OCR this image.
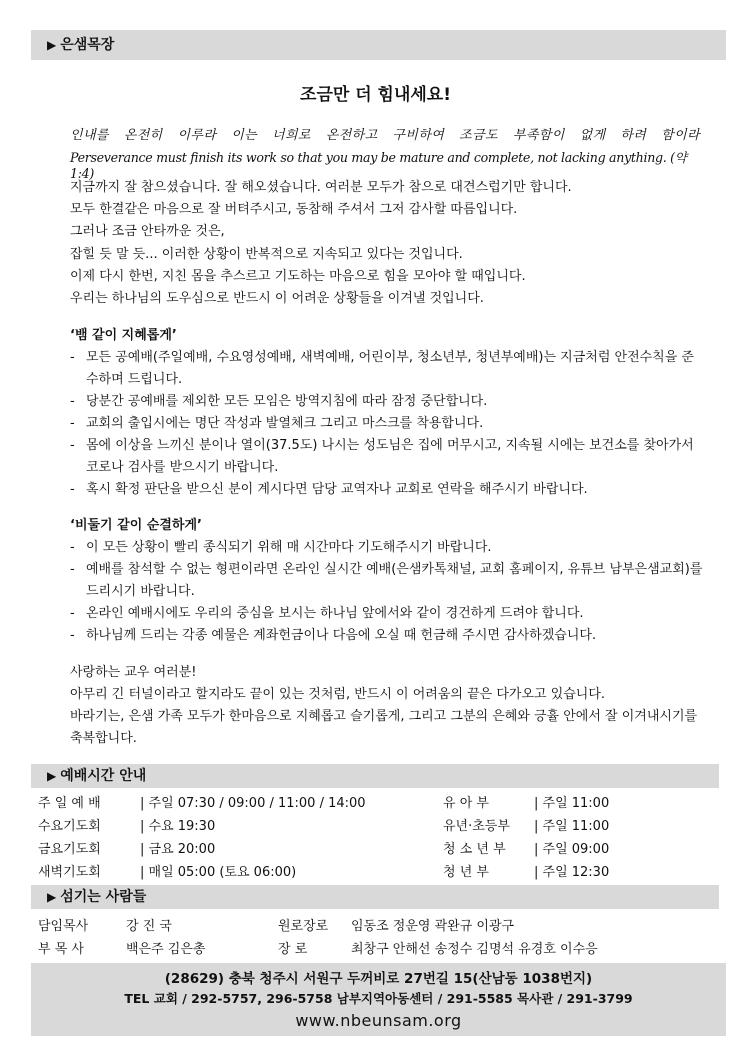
▶ 은샘목장
조금만 더 힘내세요!
인내를 온전히 이루라 이는 너희로 온전하고 구비하여 조금도 부족함이 없게 하려 함이라
Perseverance must finish its work so that you may be mature and complete, not lacking anything. (약1:4)
지금까지 잘 참으셨습니다. 잘 해오셨습니다. 여러분 모두가 참으로 대견스럽기만 합니다.
모두 한결같은 마음으로 잘 버텨주시고, 동참해 주셔서 그저 감사할 따름입니다.
그러나 조금 안타까운 것은,
잡힐 듯 말 듯... 이러한 상황이 반복적으로 지속되고 있다는 것입니다.
이제 다시 한번, 지친 몸을 추스르고 기도하는 마음으로 힘을 모아야 할 때입니다.
우리는 하나님의 도우심으로 반드시 이 어려운 상황들을 이겨낼 것입니다.
‘뱀 같이 지혜롭게’
- 모든 공예배(주일예배, 수요영성예배, 새벽예배, 어린이부, 청소년부, 청년부예배)는 지금처럼 안전수칙을 준수하며 드립니다.
- 당분간 공예배를 제외한 모든 모임은 방역지침에 따라 잠정 중단합니다.
- 교회의 출입시에는 명단 작성과 발열체크 그리고 마스크를 착용합니다.
- 몸에 이상을 느끼신 분이나 열이(37.5도) 나시는 성도님은 집에 머무시고, 지속될 시에는 보건소를 찾아가서 코로나 검사를 받으시기 바랍니다.
- 혹시 확정 판단을 받으신 분이 계시다면 담당 교역자나 교회로 연락을 해주시기 바랍니다.
‘비둘기 같이 순결하게’
- 이 모든 상황이 빨리 종식되기 위해 매 시간마다 기도해주시기 바랍니다.
- 예배를 참석할 수 없는 형편이라면 온라인 실시간 예배(은샘카톡채널, 교회 홈페이지, 유튜브 남부은샘교회)를 드리시기 바랍니다.
- 온라인 예배시에도 우리의 중심을 보시는 하나님 앞에서와 같이 경건하게 드려야 합니다.
- 하나님께 드리는 각종 예물은 계좌헌금이나 다음에 오실 때 헌금해 주시면 감사하겠습니다.
사랑하는 교우 여러분!
아무리 긴 터널이라고 할지라도 끝이 있는 것처럼, 반드시 이 어려움의 끝은 다가오고 있습니다.
바라기는, 은샘 가족 모두가 한마음으로 지혜롭고 슬기롭게, 그리고 그분의 은혜와 긍휼 안에서 잘 이겨내시기를 축복합니다.
▶ 예배시간 안내
주 일 예 배	| 주일 07:30 / 09:00 / 11:00 / 14:00	유 아 부	| 주일 11:00
수요기도회	| 수요 19:30	유년·초등부 | 주일 11:00
금요기도회	| 금요 20:00	청 소 년 부 | 주일 09:00
새벽기도회	| 매일 05:00 (토요 06:00)	청 년 부	| 주일 12:30
▶ 섬기는 사람들
담임목사	강 진 국	원로장로 임동조 정운영 곽완규 이광구
부 목 사	백은주 김은총	장 로	최창구 안해선 송정수 김명석 유경호 이수응
(28629) 충북 청주시 서원구 두꺼비로 27번길 15(산남동 1038번지)
TEL 교회 / 292-5757, 296-5758 남부지역아동센터 / 291-5585 목사관 / 291-3799
www.nbeunsam.org
